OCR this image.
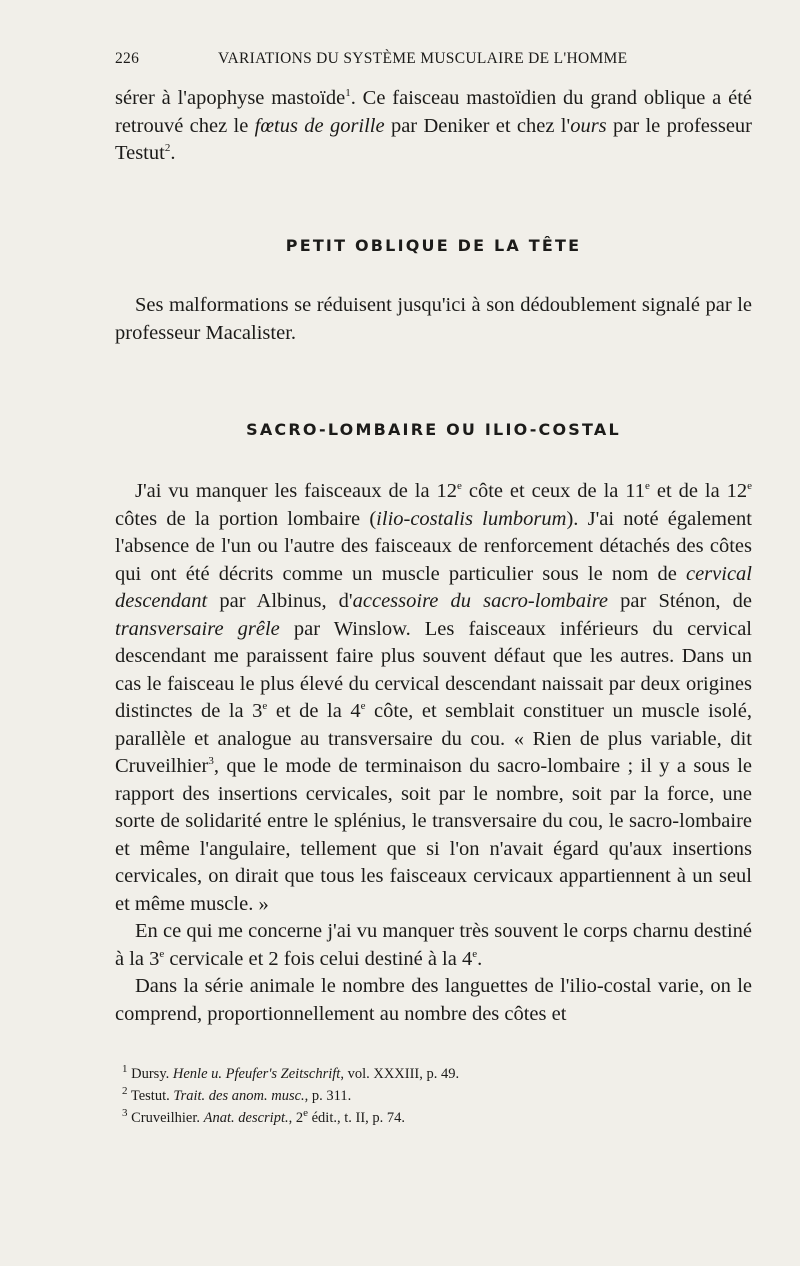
226	VARIATIONS DU SYSTÈME MUSCULAIRE DE L'HOMME

sérer à l'apophyse mastoïde$^1$. Ce faisceau mastoïdien du grand oblique a été retrouvé chez le fœtus de gorille par Deniker et chez l'ours par le professeur Testut$^2$.

PETIT OBLIQUE DE LA TÊTE

Ses malformations se réduisent jusqu'ici à son dédoublement signalé par le professeur Macalister.

SACRO-LOMBAIRE OU ILIO-COSTAL

J'ai vu manquer les faisceaux de la 12e côte et ceux de la 11e et de la 12e côtes de la portion lombaire (ilio-costalis lumborum). J'ai noté également l'absence de l'un ou l'autre des faisceaux de renforcement détachés des côtes qui ont été décrits comme un muscle particulier sous le nom de cervical descendant par Albinus, d'accessoire du sacro-lombaire par Sténon, de transversaire grêle par Winslow. Les faisceaux inférieurs du cervical descendant me paraissent faire plus souvent défaut que les autres. Dans un cas le faisceau le plus élevé du cervical descendant naissait par deux origines distinctes de la 3e et de la 4e côte, et semblait constituer un muscle isolé, parallèle et analogue au transversaire du cou. « Rien de plus variable, dit Cruveilhier$^3$, que le mode de terminaison du sacro-lombaire ; il y a sous le rapport des insertions cervicales, soit par le nombre, soit par la force, une sorte de solidarité entre le splénius, le transversaire du cou, le sacro-lombaire et même l'angulaire, tellement que si l'on n'avait égard qu'aux insertions cervicales, on dirait que tous les faisceaux cervicaux appartiennent à un seul et même muscle. »

En ce qui me concerne j'ai vu manquer très souvent le corps charnu destiné à la 3e cervicale et 2 fois celui destiné à la 4e.

Dans la série animale le nombre des languettes de l'ilio-costal varie, on le comprend, proportionnellement au nombre des côtes et

$^1$ Dursy. Henle u. Pfeufer's Zeitschrift, vol. XXXIII, p. 49.
$^2$ Testut. Trait. des anom. musc., p. 311.
$^3$ Cruveilhier. Anat. descript., 2e édit., t. II, p. 74.
